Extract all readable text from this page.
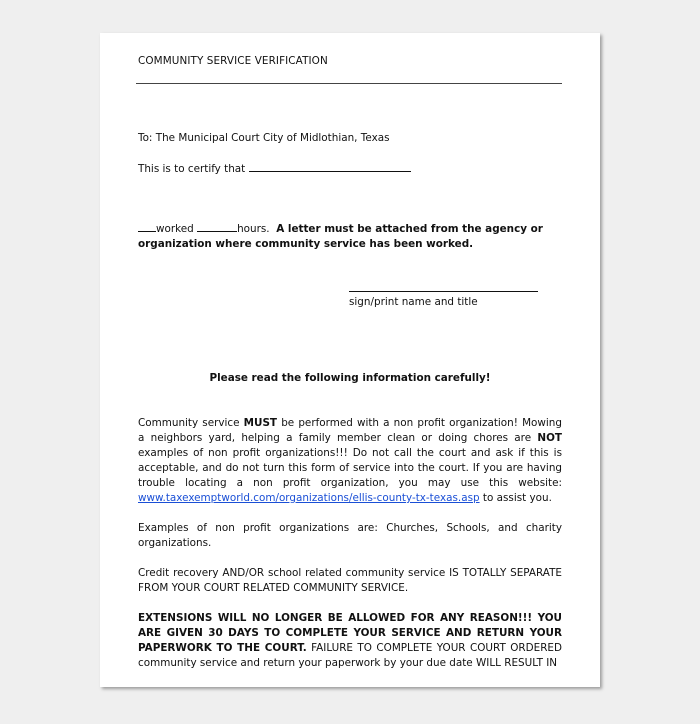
COMMUNITY SERVICE VERIFICATION
To: The Municipal Court City of Midlothian, Texas
This is to certify that
worked	hours. A letter must be attached from the agency or organization where community service has been worked.
sign/print name and title
Please read the following information carefully!
Community service MUST be performed with a non profit organization! Mowing a neighbors yard, helping a family member clean or doing chores are NOT examples of non profit organizations!!! Do not call the court and ask if this is acceptable, and do not turn this form of service into the court. If you are having trouble locating a non profit organization, you may use this website: www.taxexemptworld.com/organizations/ellis-county-tx-texas.asp to assist you.
Examples of non profit organizations are: Churches, Schools, and charity organizations.
Credit recovery AND/OR school related community service IS TOTALLY SEPARATE FROM YOUR COURT RELATED COMMUNITY SERVICE.
EXTENSIONS WILL NO LONGER BE ALLOWED FOR ANY REASON!!! YOU ARE GIVEN 30 DAYS TO COMPLETE YOUR SERVICE AND RETURN YOUR PAPERWORK TO THE COURT. FAILURE TO COMPLETE YOUR COURT ORDERED community service and return your paperwork by your due date WILL RESULT IN
